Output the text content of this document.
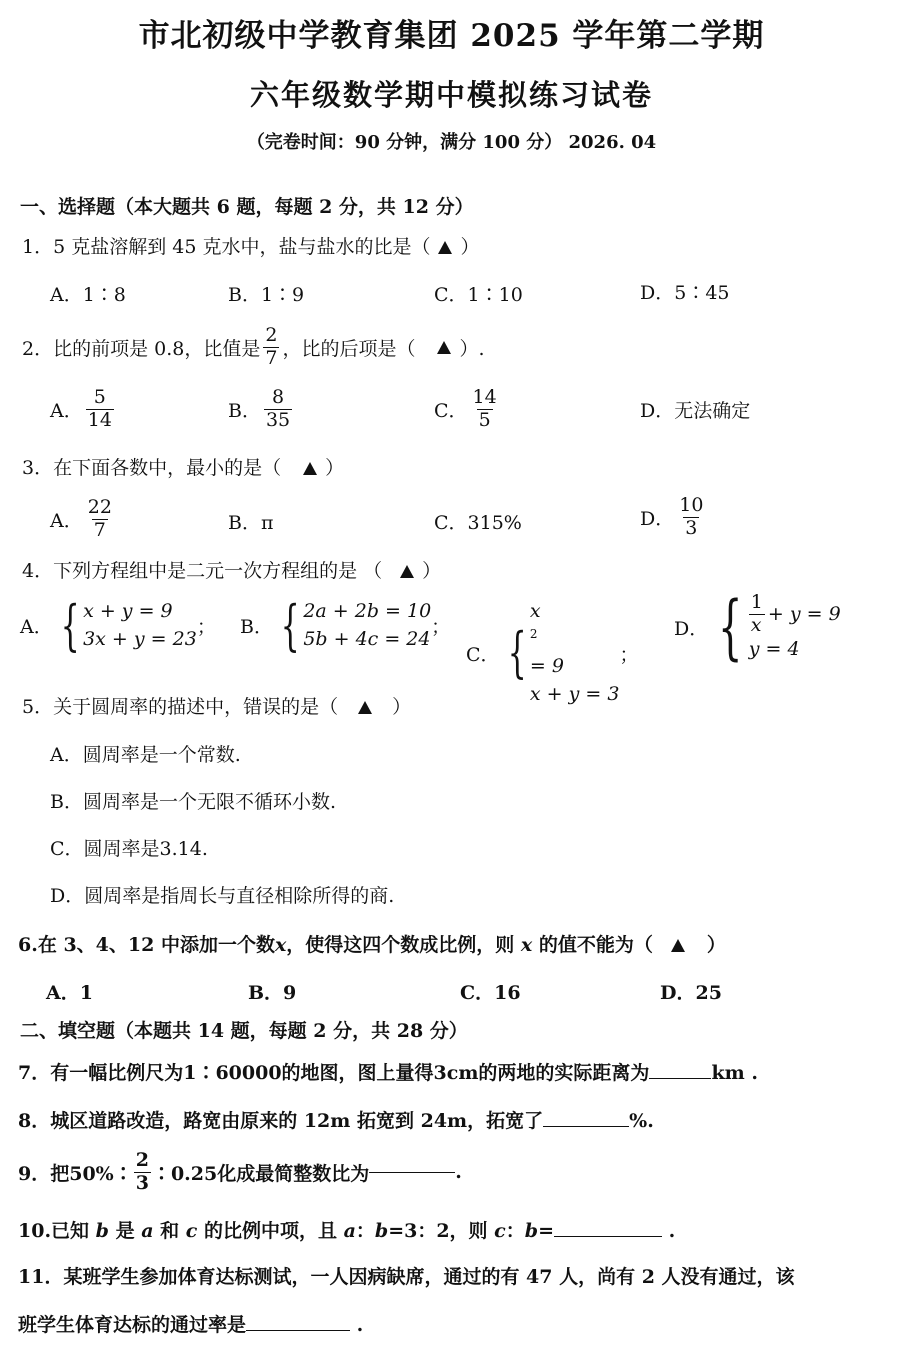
市北初级中学教育集团 2025 学年第二学期
六年级数学期中模拟练习试卷
（完卷时间：90 分钟，满分 100 分） 2026. 04
一、选择题（本大题共 6 题，每题 2 分，共 12 分）
1．5 克盐溶解到 45 克水中，盐与盐水的比是（ ）
A．1∶8	B．1∶9	C．1∶10	D．5∶45
2．比的前项是 0.8，比值是 $\frac{2}{7}$ ，比的后项是（ ）.
A． $\frac{5}{14}$	B． $\frac{8}{35}$	C． $\frac{14}{5}$	D．无法确定
3．在下面各数中，最小的是（ ）
A． $\frac{22}{7}$	B．π	C．315%	D． $\frac{10}{3}$
4．下列方程组中是二元一次方程组的是 （ ）
A． { x + y = 9
3x + y = 23
； B． { 2a + 2b = 10
5b + 4c = 24
；
C． {
x
$^2$
= 9
x + y = 3
；
D． { $\frac{1}{x} + y = 9$
y = 4
5．关于圆周率的描述中，错误的是（	）
A．圆周率是一个常数.
B．圆周率是一个无限不循环小数.
C．圆周率是3.14.
D．圆周率是指周长与直径相除所得的商.
6.在 3、4、12 中添加一个数x，使得这四个数成比例，则 x 的值不能为（	）
A．1	B．9	C．16	D．25
二、填空题（本题共 14 题，每题 2 分，共 28 分）
7．有一幅比例尺为1∶60000的地图，图上量得3cm的两地的实际距离为	km .
8．城区道路改造，路宽由原来的 12m 拓宽到 24m，拓宽了	%.
9．把50%∶ $\frac{2}{3}$ ∶0.25化成最简整数比为	.
10.已知 b 是 a 和 c 的比例中项，且 a：b=3：2，则 c：b=	.
11．某班学生参加体育达标测试，一人因病缺席，通过的有 47 人，尚有 2 人没有通过，该
班学生体育达标的通过率是	.
